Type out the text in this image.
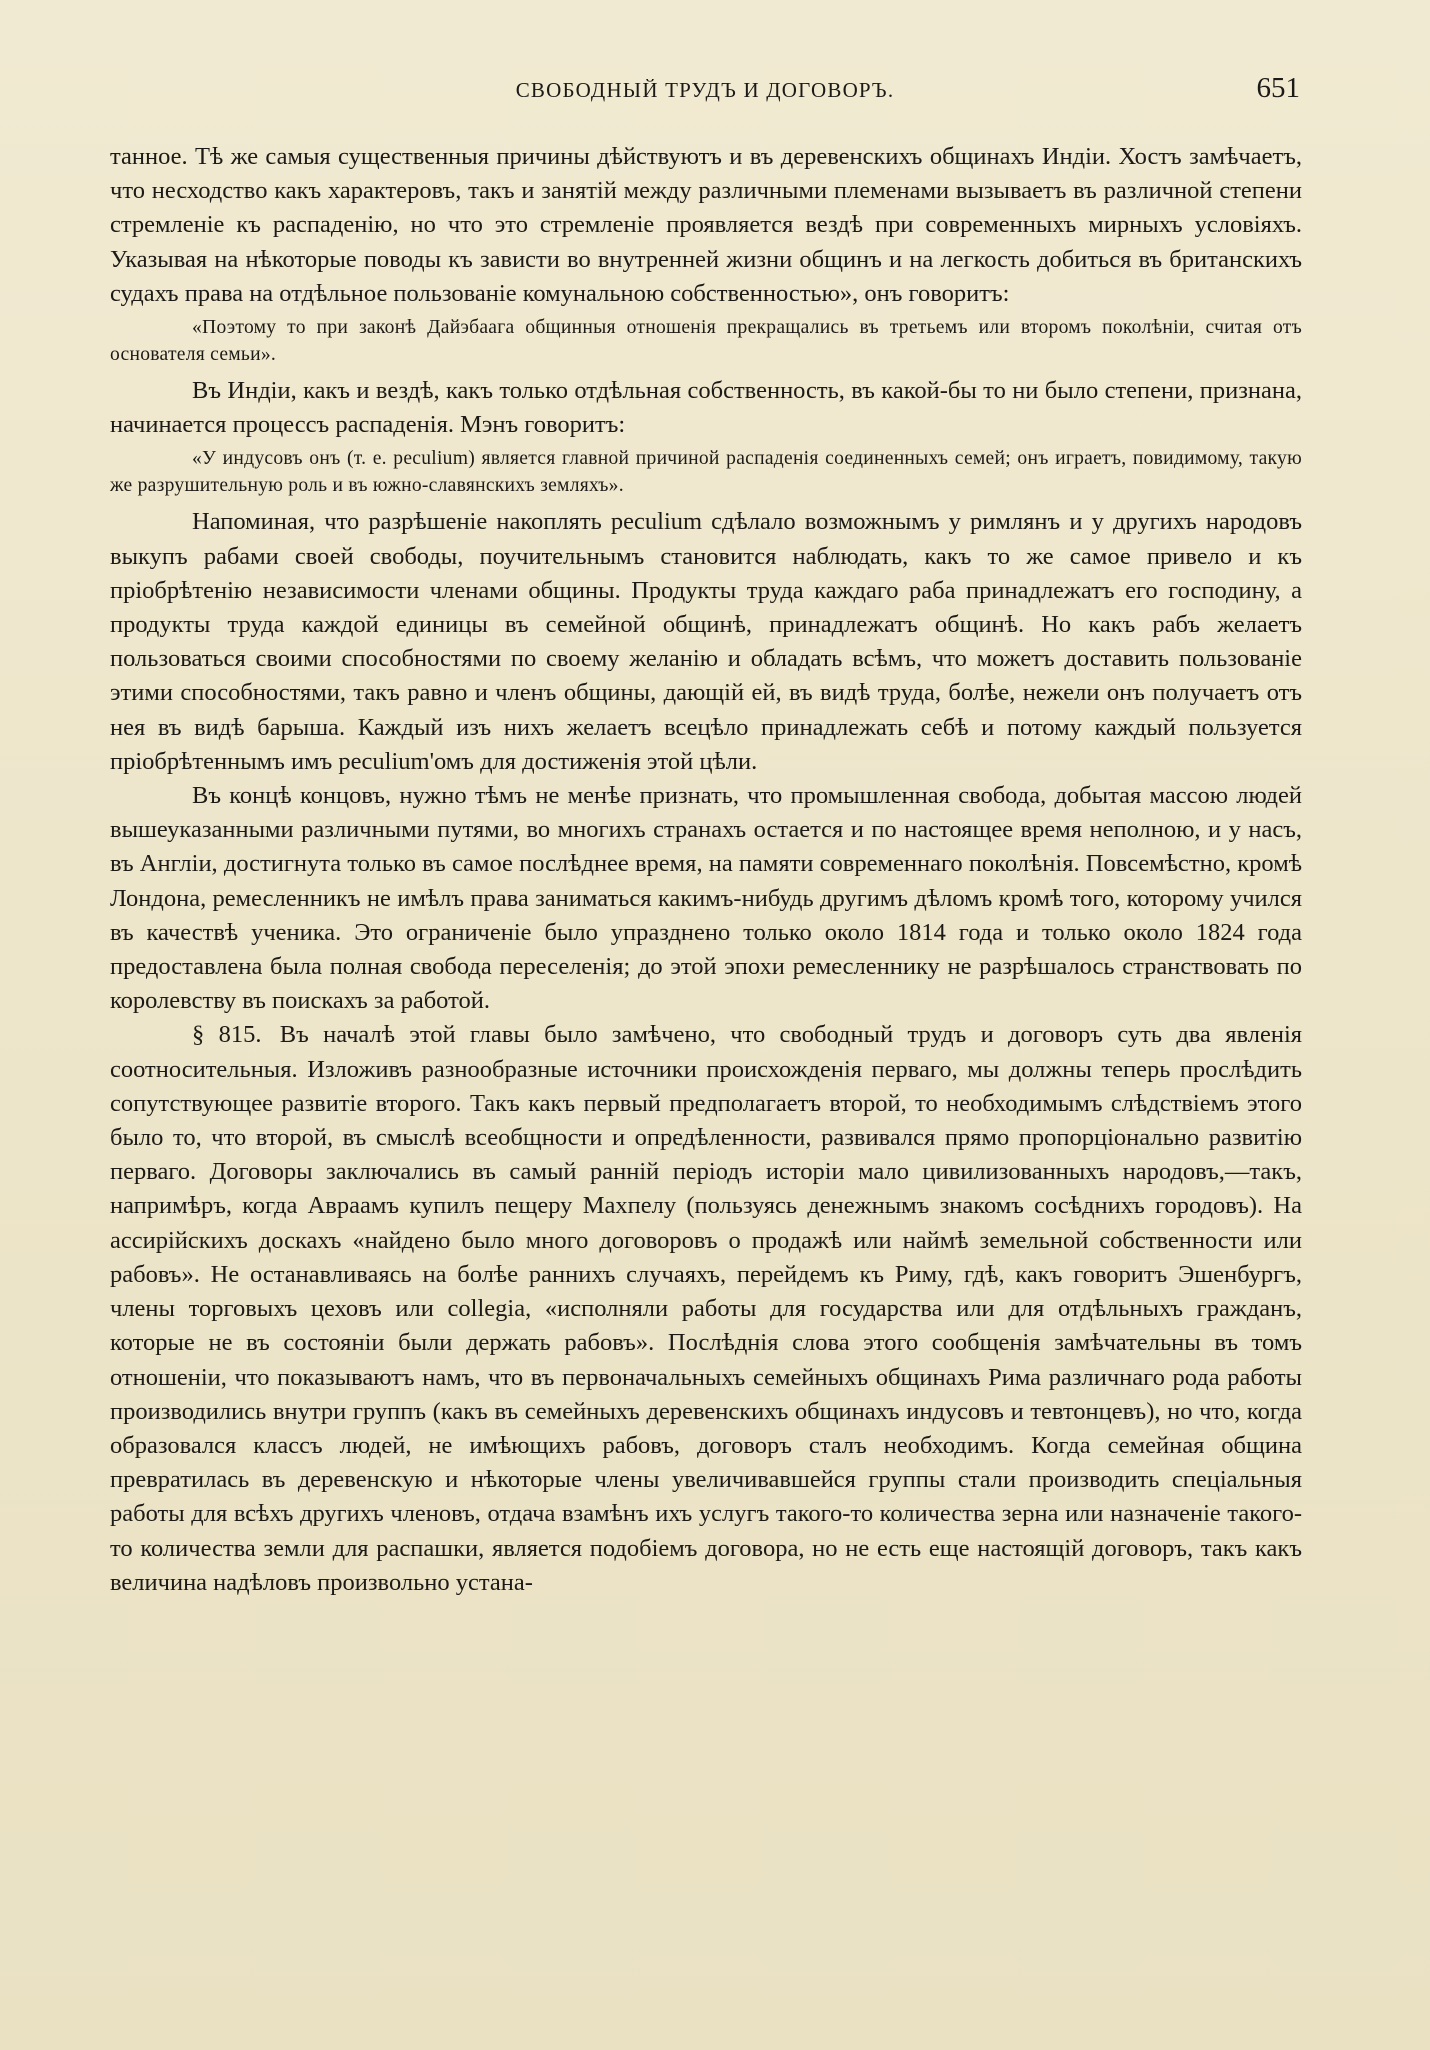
СВОБОДНЫЙ ТРУДЪ И ДОГОВОРЪ.	651

танное. Тѣ же самыя существенныя причины дѣйствуютъ и въ деревенскихъ общинахъ Индіи. Хостъ замѣчаетъ, что несходство какъ характеровъ, такъ и занятій между различными племенами вызываетъ въ различной степени стремленіе къ распаденію, но что это стремленіе проявляется вездѣ при современныхъ мирныхъ условіяхъ. Указывая на нѣкоторые поводы къ зависти во внутренней жизни общинъ и на легкость добиться въ британскихъ судахъ права на отдѣльное пользованіе комунальною собственностью», онъ говоритъ:

«Поэтому то при законѣ Дайэбаага общинныя отношенія прекращались въ третьемъ или второмъ поколѣніи, считая отъ основателя семьи».

Въ Индіи, какъ и вездѣ, какъ только отдѣльная собственность, въ какой-бы то ни было степени, признана, начинается процессъ распаденія. Мэнъ говоритъ:

«У индусовъ онъ (т. е. peculium) является главной причиной распаденія соединенныхъ семей; онъ играетъ, повидимому, такую же разрушительную роль и въ южно-славянскихъ земляхъ».

Напоминая, что разрѣшеніе накоплять peculium сдѣлало возможнымъ у римлянъ и у другихъ народовъ выкупъ рабами своей свободы, поучительнымъ становится наблюдать, какъ то же самое привело и къ пріобрѣтенію независимости членами общины. Продукты труда каждаго раба принадлежатъ его господину, а продукты труда каждой единицы въ семейной общинѣ, принадлежатъ общинѣ. Но какъ рабъ желаетъ пользоваться своими способностями по своему желанію и обладать всѣмъ, что можетъ доставить пользованіе этими способностями, такъ равно и членъ общины, дающій ей, въ видѣ труда, болѣе, нежели онъ получаетъ отъ нея въ видѣ барыша. Каждый изъ нихъ желаетъ всецѣло принадлежать себѣ и потому каждый пользуется пріобрѣтеннымъ имъ peculium'омъ для достиженія этой цѣли.

Въ концѣ концовъ, нужно тѣмъ не менѣе признать, что промышленная свобода, добытая массою людей вышеуказанными различными путями, во многихъ странахъ остается и по настоящее время неполною, и у насъ, въ Англіи, достигнута только въ самое послѣднее время, на памяти современнаго поколѣнія. Повсемѣстно, кромѣ Лондона, ремесленникъ не имѣлъ права заниматься какимъ-нибудь другимъ дѣломъ кромѣ того, которому учился въ качествѣ ученика. Это ограниченіе было упразднено только около 1814 года и только около 1824 года предоставлена была полная свобода переселенія; до этой эпохи ремесленнику не разрѣшалось странствовать по королевству въ поискахъ за работой.

§ 815. Въ началѣ этой главы было замѣчено, что свободный трудъ и договоръ суть два явленія соотносительныя. Изложивъ разнообразные источники происхожденія перваго, мы должны теперь прослѣдить сопутствующее развитіе второго. Такъ какъ первый предполагаетъ второй, то необходимымъ слѣдствіемъ этого было то, что второй, въ смыслѣ всеобщности и опредѣленности, развивался прямо пропорціонально развитію перваго. Договоры заключались въ самый ранній періодъ исторіи мало цивилизованныхъ народовъ,—такъ, напримѣръ, когда Авраамъ купилъ пещеру Махпелу (пользуясь денежнымъ знакомъ сосѣднихъ городовъ). На ассирійскихъ доскахъ «найдено было много договоровъ о продажѣ или наймѣ земельной собственности или рабовъ». Не останавливаясь на болѣе раннихъ случаяхъ, перейдемъ къ Риму, гдѣ, какъ говоритъ Эшенбургъ, члены торговыхъ цеховъ или collegia, «исполняли работы для государства или для отдѣльныхъ гражданъ, которые не въ состояніи были держать рабовъ». Послѣднія слова этого сообщенія замѣчательны въ томъ отношеніи, что показываютъ намъ, что въ первоначальныхъ семейныхъ общинахъ Рима различнаго рода работы производились внутри группъ (какъ въ семейныхъ деревенскихъ общинахъ индусовъ и тевтонцевъ), но что, когда образовался классъ людей, не имѣющихъ рабовъ, договоръ сталъ необходимъ. Когда семейная община превратилась въ деревенскую и нѣкоторые члены увеличивавшейся группы стали производить спеціальныя работы для всѣхъ другихъ членовъ, отдача взамѣнъ ихъ услугъ такого-то количества зерна или назначеніе такого-то количества земли для распашки, является подобіемъ договора, но не есть еще настоящій договоръ, такъ какъ величина надѣловъ произвольно устана-
